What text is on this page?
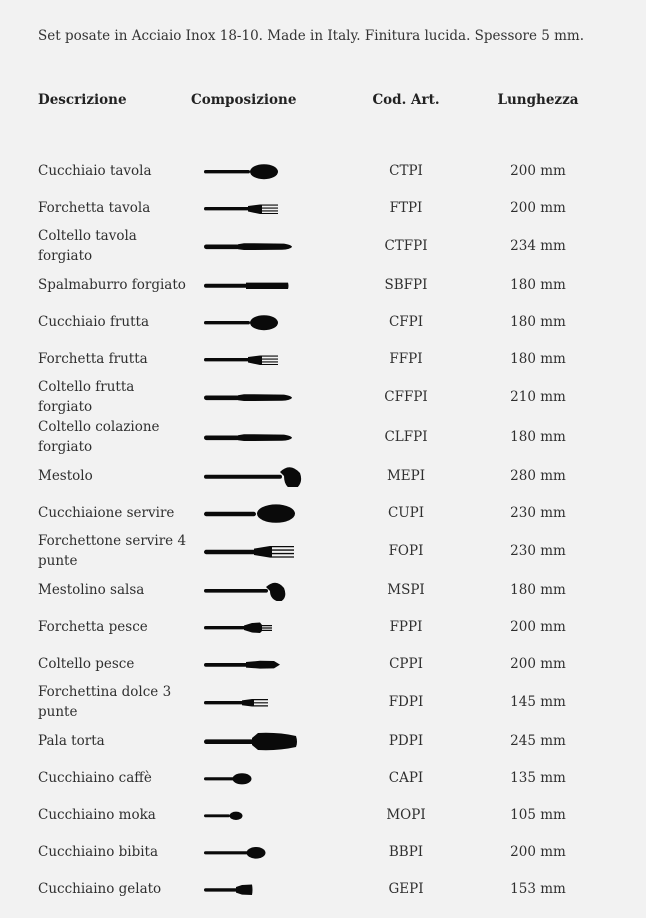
Set posate in Acciaio Inox 18-10. Made in Italy. Finitura lucida. Spessore 5 mm.
Descrizione	Composizione	Cod. Art.	Lunghezza

Cucchiaio tavola		CTPI	200 mm
Forchetta tavola		FTPI	200 mm
Coltello tavola forgiato		CTFPI	234 mm
Spalmaburro forgiato		SBFPI	180 mm
Cucchiaio frutta		CFPI	180 mm
Forchetta frutta		FFPI	180 mm
Coltello frutta forgiato		CFFPI	210 mm
Coltello colazione forgiato		CLFPI	180 mm
Mestolo		MEPI	280 mm
Cucchiaione servire		CUPI	230 mm
Forchettone servire 4 punte		FOPI	230 mm
Mestolino salsa		MSPI	180 mm
Forchetta pesce		FPPI	200 mm
Coltello pesce		CPPI	200 mm
Forchettina dolce 3 punte		FDPI	145 mm
Pala torta		PDPI	245 mm
Cucchiaino caffè		CAPI	135 mm
Cucchiaino moka		MOPI	105 mm
Cucchiaino bibita		BBPI	200 mm
Cucchiaino gelato		GEPI	153 mm
